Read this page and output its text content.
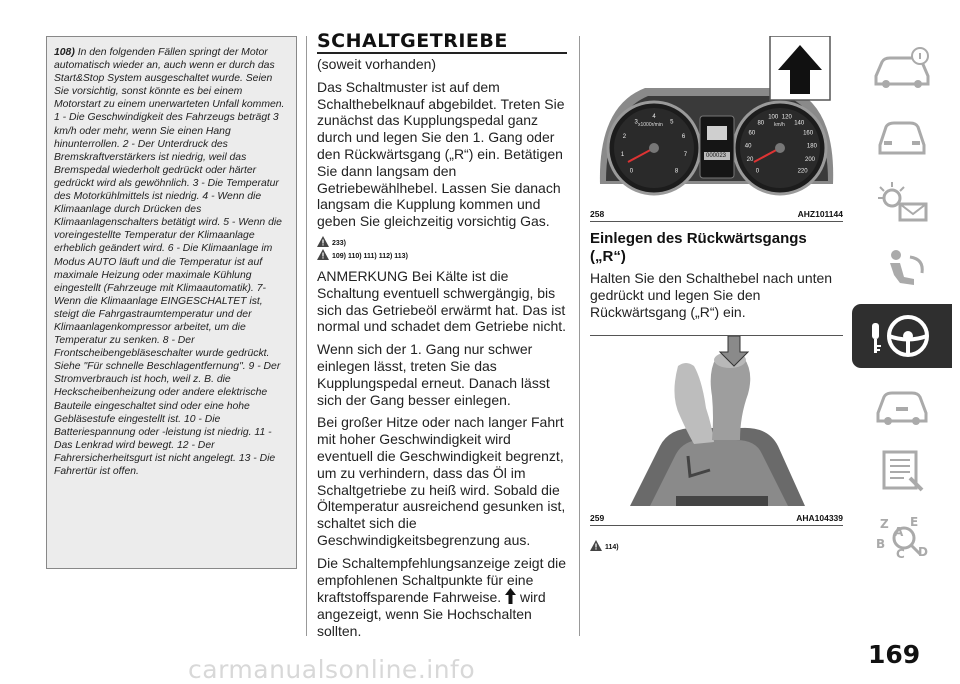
108) In den folgenden Fällen springt der Motor automatisch wieder an, auch wenn er durch das Start&Stop System ausgeschaltet wurde. Seien Sie vorsichtig, sonst könnte es bei einem Motorstart zu einem unerwarteten Unfall kommen. 1 - Die Geschwindigkeit des Fahrzeugs beträgt 3 km/h oder mehr, wenn Sie einen Hang hinunterrollen. 2 - Der Unterdruck des Bremskraftverstärkers ist niedrig, weil das Bremspedal wiederholt gedrückt oder härter gedrückt wird als gewöhnlich. 3 - Die Temperatur des Motorkühlmittels ist niedrig. 4 - Wenn die Klimaanlage durch Drücken des Klimaanlagenschalters betätigt wird. 5 - Wenn die voreingestellte Temperatur der Klimaanlage erheblich geändert wird. 6 - Die Klimaanlage im Modus AUTO läuft und die Temperatur ist auf maximale Heizung oder maximale Kühlung eingestellt (Fahrzeuge mit Klimaautomatik). 7- Wenn die Klimaanlage EINGESCHALTET ist, steigt die Fahrgastraumtemperatur und der Klimaanlagenkompressor arbeitet, um die Temperatur zu senken. 8 - Der Frontscheibengebläseschalter wurde gedrückt. Siehe "Für schnelle Beschlagentfernung". 9 - Der Stromverbrauch ist hoch, weil z. B. die Heckscheibenheizung oder andere elektrische Bauteile eingeschaltet sind oder eine hohe Gebläsestufe eingestellt ist. 10 - Die Batteriespannung oder -leistung ist niedrig. 11 - Das Lenkrad wird bewegt. 12 - Der Fahrersicherheitsgurt ist nicht angelegt. 13 - Die Fahrertür ist offen.
SCHALTGETRIEBE

(soweit vorhanden)

Das Schaltmuster ist auf dem Schalthebelknauf abgebildet. Treten Sie zunächst das Kupplungspedal ganz durch und legen Sie den 1. Gang oder den Rückwärtsgang („R“) ein. Betätigen Sie dann langsam den Getriebewählhebel. Lassen Sie danach langsam die Kupplung kommen und geben Sie gleichzeitig vorsichtig Gas.

233)
109) 110) 111) 112) 113)

ANMERKUNG Bei Kälte ist die Schaltung eventuell schwergängig, bis sich das Getriebeöl erwärmt hat. Das ist normal und schadet dem Getriebe nicht.

Wenn sich der 1. Gang nur schwer einlegen lässt, treten Sie das Kupplungspedal erneut. Danach lässt sich der Gang besser einlegen.

Bei großer Hitze oder nach langer Fahrt mit hoher Geschwindigkeit wird eventuell die Geschwindigkeit begrenzt, um zu verhindern, dass das Öl im Schaltgetriebe zu heiß wird. Sobald die Öltemperatur ausreichend gesunken ist, schaltet sich die Geschwindigkeitsbegrenzung aus.

Die Schaltempfehlungsanzeige zeigt die empfohlenen Schaltpunkte für eine kraftstoffsparende Fahrweise. wird angezeigt, wenn Sie Hochschalten sollten.

0
1
2
3
4
5
6
7
8	0
20
40
60
80
100 120
140
160
180
200
220
x1000r/min	km/h
000023
258	AHZ101144
Einlegen des Rückwärtsgangs („R“)

Halten Sie den Schalthebel nach unten gedrückt und legen Sie den Rückwärtsgang („R“) ein.

259	AHA104339
114)
Z E
B
C D
A
169
carmanualsonline.info
